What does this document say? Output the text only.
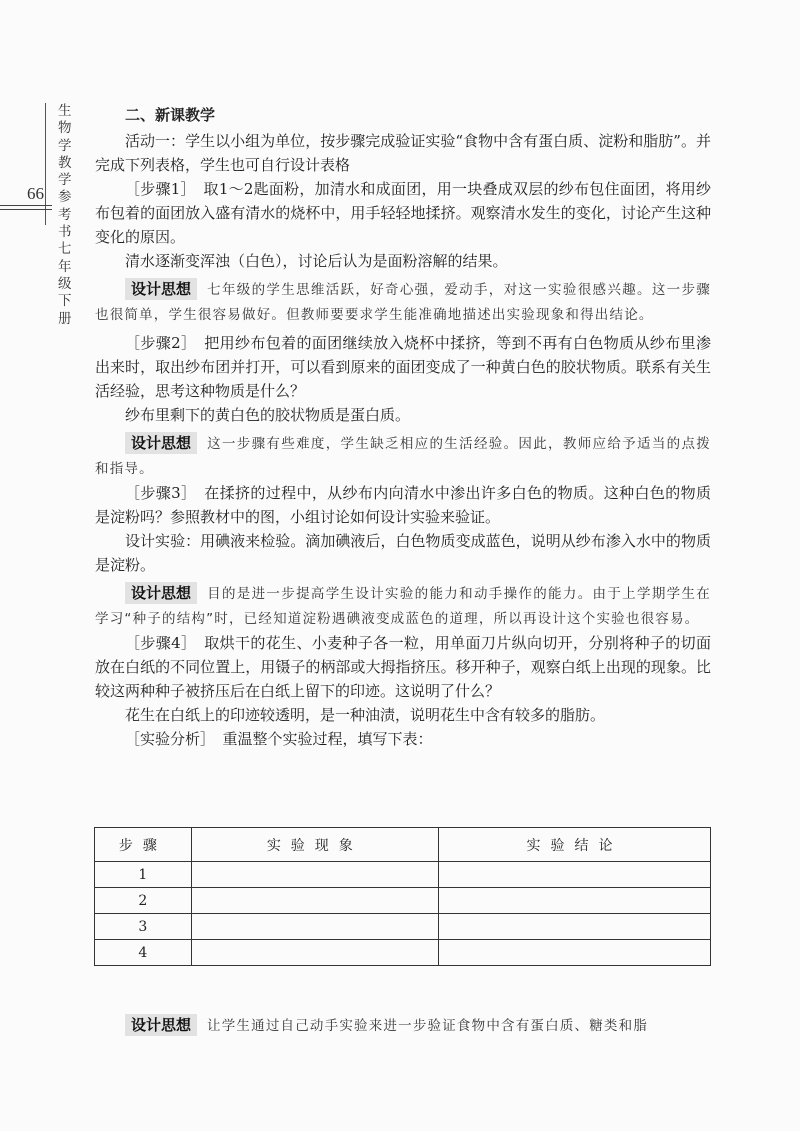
生物学教学参考书七年级下册
66

二、新课教学

活动一：学生以小组为单位，按步骤完成验证实验“食物中含有蛋白质、淀粉和脂肪”。并完成下列表格，学生也可自行设计表格

［步骤1］　取1～2匙面粉，加清水和成面团，用一块叠成双层的纱布包住面团，将用纱布包着的面团放入盛有清水的烧杯中，用手轻轻地揉挤。观察清水发生的变化，讨论产生这种变化的原因。

清水逐渐变浑浊（白色），讨论后认为是面粉溶解的结果。

设计思想 七年级的学生思维活跃，好奇心强，爱动手，对这一实验很感兴趣。这一步骤也很简单，学生很容易做好。但教师要要求学生能准确地描述出实验现象和得出结论。

［步骤2］　把用纱布包着的面团继续放入烧杯中揉挤，等到不再有白色物质从纱布里渗出来时，取出纱布团并打开，可以看到原来的面团变成了一种黄白色的胶状物质。联系有关生活经验，思考这种物质是什么？

纱布里剩下的黄白色的胶状物质是蛋白质。

设计思想 这一步骤有些难度，学生缺乏相应的生活经验。因此，教师应给予适当的点拨和指导。

［步骤3］　在揉挤的过程中，从纱布内向清水中渗出许多白色的物质。这种白色的物质是淀粉吗？参照教材中的图，小组讨论如何设计实验来验证。

设计实验：用碘液来检验。滴加碘液后，白色物质变成蓝色，说明从纱布渗入水中的物质是淀粉。

设计思想 目的是进一步提高学生设计实验的能力和动手操作的能力。由于上学期学生在学习“种子的结构”时，已经知道淀粉遇碘液变成蓝色的道理，所以再设计这个实验也很容易。

［步骤4］　取烘干的花生、小麦种子各一粒，用单面刀片纵向切开，分别将种子的切面放在白纸的不同位置上，用镊子的柄部或大拇指挤压。移开种子，观察白纸上出现的现象。比较这两种种子被挤压后在白纸上留下的印迹。这说明了什么？

花生在白纸上的印迹较透明，是一种油渍，说明花生中含有较多的脂肪。

［实验分析］　重温整个实验过程，填写下表：

步骤	实验现象	实验结论
1		
2		
3		
4		

设计思想 让学生通过自己动手实验来进一步验证食物中含有蛋白质、糖类和脂
